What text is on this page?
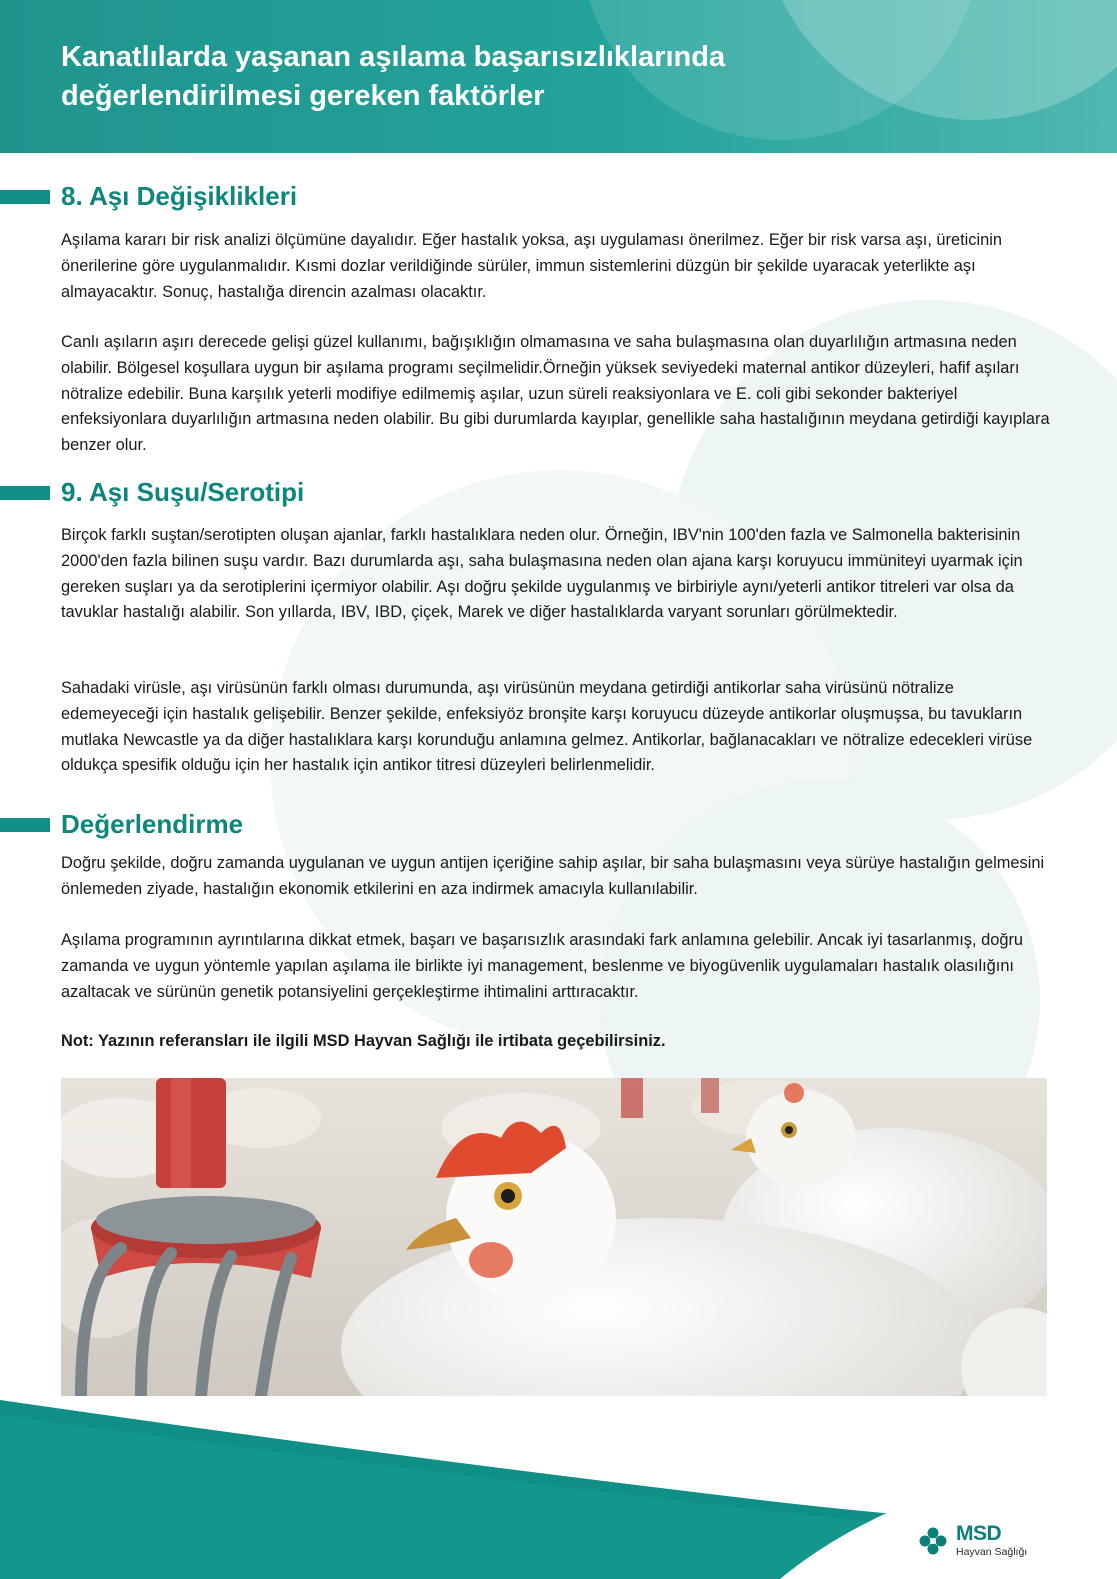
Kanatlılarda yaşanan aşılama başarısızlıklarında değerlendirilmesi gereken faktörler
8. Aşı Değişiklikleri

Aşılama kararı bir risk analizi ölçümüne dayalıdır. Eğer hastalık yoksa, aşı uygulaması önerilmez. Eğer bir risk varsa aşı, üreticinin önerilerine göre uygulanmalıdır. Kısmi dozlar verildiğinde sürüler, immun sistemlerini düzgün bir şekilde uyaracak yeterlikte aşı almayacaktır. Sonuç, hastalığa direncin azalması olacaktır.

Canlı aşıların aşırı derecede gelişi güzel kullanımı, bağışıklığın olmamasına ve saha bulaşmasına olan duyarlılığın artmasına neden olabilir. Bölgesel koşullara uygun bir aşılama programı seçilmelidir.Örneğin yüksek seviyedeki maternal antikor düzeyleri, hafif aşıları nötralize edebilir. Buna karşılık yeterli modifiye edilmemiş aşılar, uzun süreli reaksiyonlara ve E. coli gibi sekonder bakteriyel enfeksiyonlara duyarlılığın artmasına neden olabilir. Bu gibi durumlarda kayıplar, genellikle saha hastalığının meydana getirdiği kayıplara benzer olur.

9. Aşı Suşu/Serotipi

Birçok farklı suştan/serotipten oluşan ajanlar, farklı hastalıklara neden olur. Örneğin, IBV'nin 100'den fazla ve Salmonella bakterisinin 2000'den fazla bilinen suşu vardır. Bazı durumlarda aşı, saha bulaşmasına neden olan ajana karşı koruyucu immüniteyi uyarmak için gereken suşları ya da serotiplerini içermiyor olabilir. Aşı doğru şekilde uygulanmış ve birbiriyle aynı/yeterli antikor titreleri var olsa da tavuklar hastalığı alabilir. Son yıllarda, IBV, IBD, çiçek, Marek ve diğer hastalıklarda varyant sorunları görülmektedir.

Sahadaki virüsle, aşı virüsünün farklı olması durumunda, aşı virüsünün meydana getirdiği antikorlar saha virüsünü nötralize edemeyeceği için hastalık gelişebilir. Benzer şekilde, enfeksiyöz bronşite karşı koruyucu düzeyde antikorlar oluşmuşsa, bu tavukların mutlaka Newcastle ya da diğer hastalıklara karşı korunduğu anlamına gelmez. Antikorlar, bağlanacakları ve nötralize edecekleri virüse oldukça spesifik olduğu için her hastalık için antikor titresi düzeyleri belirlenmelidir.

Değerlendirme

Doğru şekilde, doğru zamanda uygulanan ve uygun antijen içeriğine sahip aşılar, bir saha bulaşmasını veya sürüye hastalığın gelmesini önlemeden ziyade, hastalığın ekonomik etkilerini en aza indirmek amacıyla kullanılabilir.

Aşılama programının ayrıntılarına dikkat etmek, başarı ve başarısızlık arasındaki fark anlamına gelebilir. Ancak iyi tasarlanmış, doğru zamanda ve uygun yöntemle yapılan aşılama ile birlikte iyi management, beslenme ve biyogüvenlik uygulamaları hastalık olasılığını azaltacak ve sürünün genetik potansiyelini gerçekleştirme ihtimalini arttıracaktır.

Not: Yazının referansları ile ilgili MSD Hayvan Sağlığı ile irtibata geçebilirsiniz.

MSD
Hayvan Sağlığı
